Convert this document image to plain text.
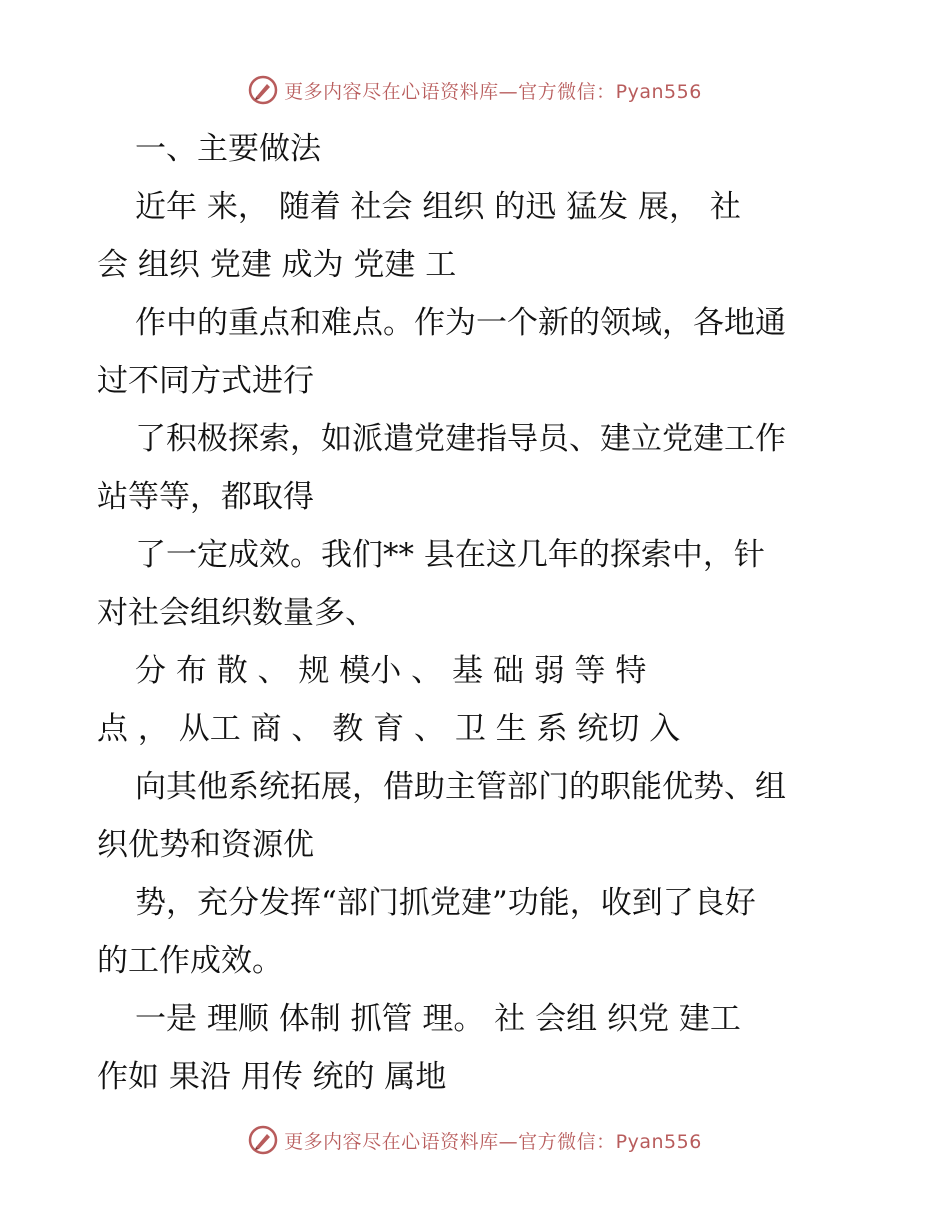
更多内容尽在心语资料库—官方微信：Pyan556
一、主要做法
近年 来， 随着 社会 组织 的迅 猛发 展， 社
会 组织 党建 成为 党建 工
作中的重点和难点。作为一个新的领域，各地通
过不同方式进行
了积极探索，如派遣党建指导员、建立党建工作
站等等，都取得
了一定成效。我们** 县在这几年的探索中，针
对社会组织数量多、
分 布 散 、 规 模小 、 基 础 弱 等 特
点 ， 从工 商 、 教 育 、 卫 生 系 统切 入
向其他系统拓展，借助主管部门的职能优势、组
织优势和资源优
势，充分发挥“部门抓党建”功能，收到了良好
的工作成效。
一是 理顺 体制 抓管 理。 社 会组 织党 建工
作如 果沿 用传 统的 属地
更多内容尽在心语资料库—官方微信：Pyan556
